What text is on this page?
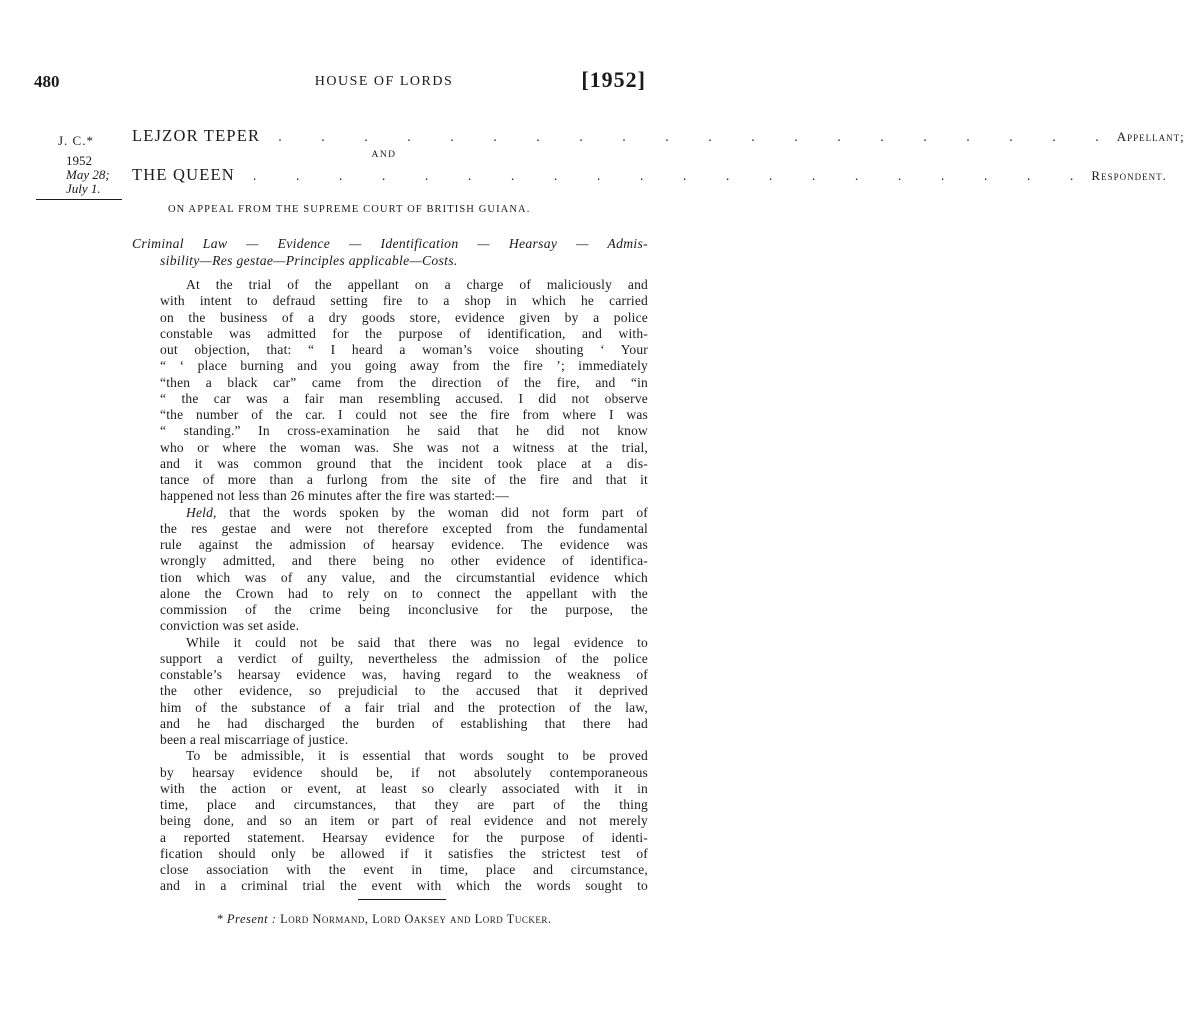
480	HOUSE OF LORDS	[1952]
J. C.*
1952
May 28;
July 1.
LEJZOR TEPER	. . . . . . . . . . . . . . . . . . . . Appellant;
AND
THE QUEEN	. . . . . . . . . . . . . . . . . . . . Respondent.
ON APPEAL FROM THE SUPREME COURT OF BRITISH GUIANA.
Criminal Law — Evidence — Identification — Hearsay — Admis-
sibility—Res gestae—Principles applicable—Costs.
At the trial of the appellant on a charge of maliciously and
with intent to defraud setting fire to a shop in which he carried
on the business of a dry goods store, evidence given by a police
constable was admitted for the purpose of identification, and with-
out objection, that: “ I heard a woman’s voice shouting ‘ Your
“ ‘ place burning and you going away from the fire ’; immediately
“then a black car” came from the direction of the fire, and “in
“ the car was a fair man resembling accused. I did not observe
“the number of the car. I could not see the fire from where I was
“ standing.” In cross-examination he said that he did not know
who or where the woman was. She was not a witness at the trial,
and it was common ground that the incident took place at a dis-
tance of more than a furlong from the site of the fire and that it
happened not less than 26 minutes after the fire was started:—
Held, that the words spoken by the woman did not form part of
the res gestae and were not therefore excepted from the fundamental
rule against the admission of hearsay evidence. The evidence was
wrongly admitted, and there being no other evidence of identifica-
tion which was of any value, and the circumstantial evidence which
alone the Crown had to rely on to connect the appellant with the
commission of the crime being inconclusive for the purpose, the
conviction was set aside.
While it could not be said that there was no legal evidence to
support a verdict of guilty, nevertheless the admission of the police
constable’s hearsay evidence was, having regard to the weakness of
the other evidence, so prejudicial to the accused that it deprived
him of the substance of a fair trial and the protection of the law,
and he had discharged the burden of establishing that there had
been a real miscarriage of justice.
To be admissible, it is essential that words sought to be proved
by hearsay evidence should be, if not absolutely contemporaneous
with the action or event, at least so clearly associated with it in
time, place and circumstances, that they are part of the thing
being done, and so an item or part of real evidence and not merely
a reported statement. Hearsay evidence for the purpose of identi-
fication should only be allowed if it satisfies the strictest test of
close association with the event in time, place and circumstance,
and in a criminal trial the event with which the words sought to
* Present : Lord Normand, Lord Oaksey and Lord Tucker.
